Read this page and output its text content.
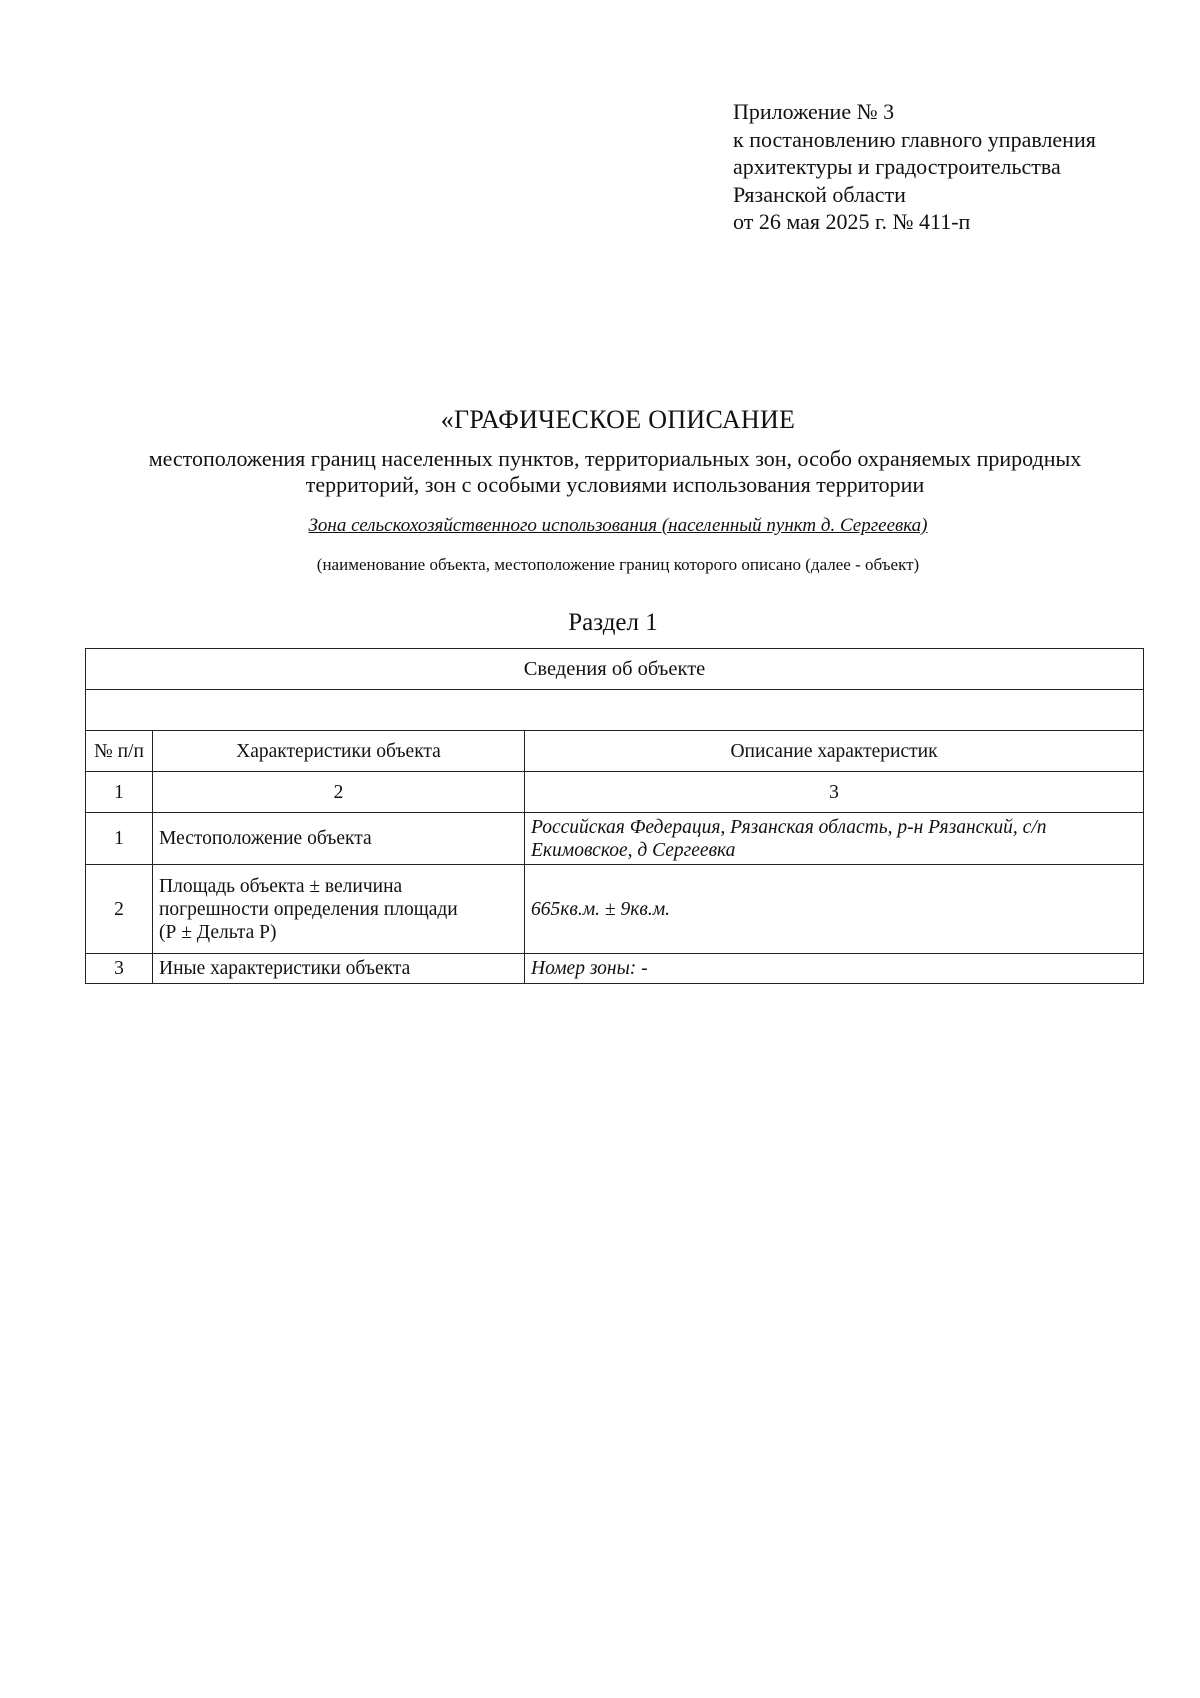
Приложение № 3
к постановлению главного управления
архитектуры и градостроительства
Рязанской области
от 26 мая 2025 г. № 411-п
«ГРАФИЧЕСКОЕ ОПИСАНИЕ
местоположения границ населенных пунктов, территориальных зон, особо охраняемых природных
территорий, зон с особыми условиями использования территории
Зона сельскохозяйственного использования (населенный пункт д. Сергеевка)
(наименование объекта, местоположение границ которого описано (далее - объект)
Раздел 1
Сведения об объекте		

№ п/п	Характеристики объекта	Описание характеристик
1	2	3
1	Местоположение объекта	Российская Федерация, Рязанская область, р-н Рязанский, с/п
Екимовское, д Сергеевка

2	Площадь объекта ± величина
погрешности определения площади
(Р ± Дельта Р)	665кв.м. ± 9кв.м.
3	Иные характеристики объекта	Номер зоны: -
